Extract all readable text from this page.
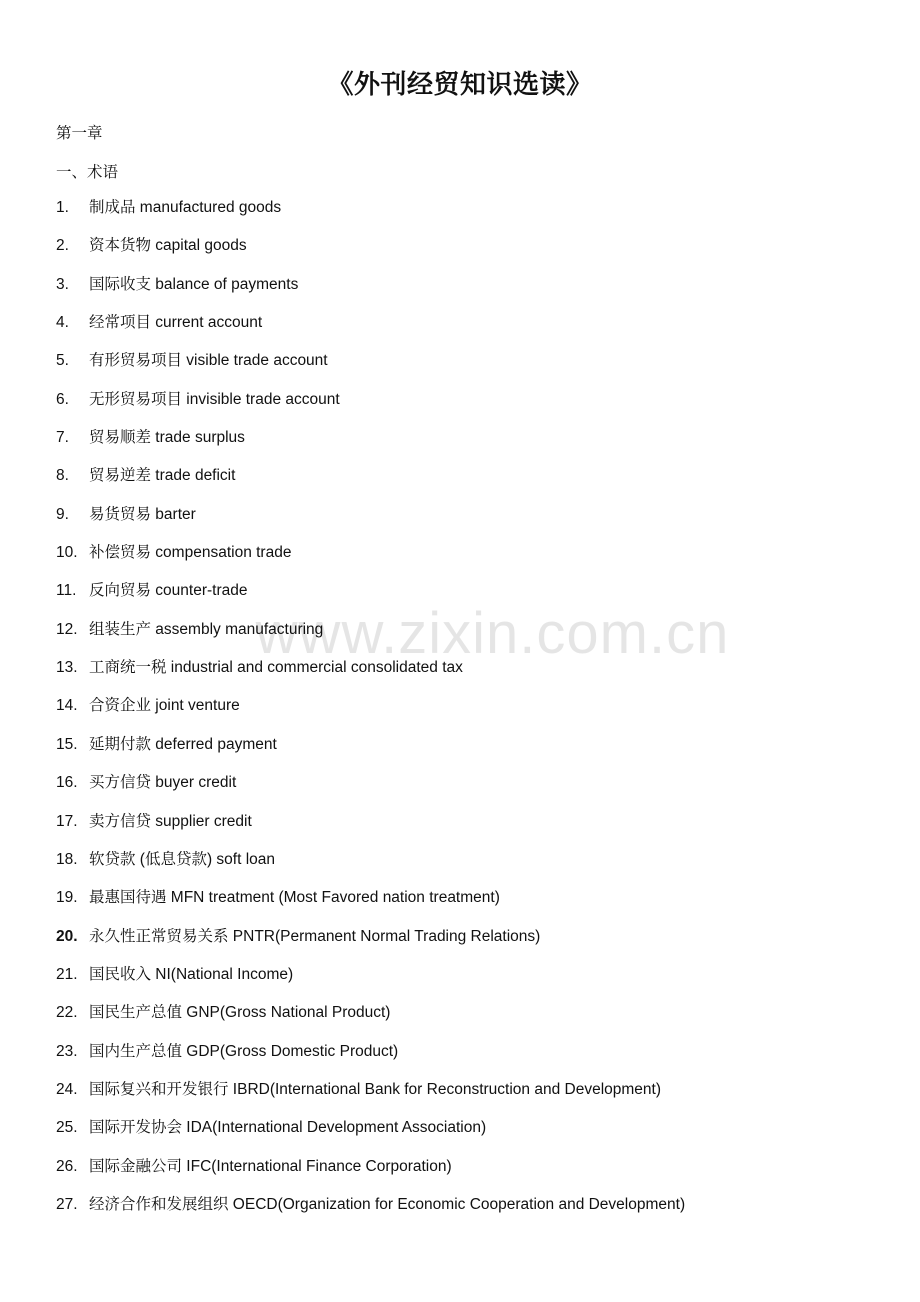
《外刊经贸知识选读》
第一章
一、术语
1.	制成品 manufactured goods
2.	资本货物 capital goods
3.	国际收支 balance of payments
4.	经常项目 current account
5.	有形贸易项目 visible trade account
6.	无形贸易项目 invisible trade account
7.	贸易顺差 trade surplus
8.	贸易逆差 trade deficit
9.	易货贸易 barter
10. 补偿贸易 compensation trade
11. 反向贸易 counter-trade
12. 组装生产 assembly manufacturing
13. 工商统一税 industrial and commercial consolidated tax
14. 合资企业 joint venture
15. 延期付款 deferred payment
16. 买方信贷 buyer credit
17. 卖方信贷 supplier credit
18. 软贷款 (低息贷款) soft loan
19. 最惠国待遇 MFN treatment (Most Favored nation treatment)
20. 永久性正常贸易关系 PNTR(Permanent Normal Trading Relations)
21. 国民收入 NI(National Income)
22. 国民生产总值 GNP(Gross National Product)
23. 国内生产总值 GDP(Gross Domestic Product)
24. 国际复兴和开发银行 IBRD(International Bank for Reconstruction and Development)
25. 国际开发协会 IDA(International Development Association)
26. 国际金融公司 IFC(International Finance Corporation)
27. 经济合作和发展组织 OECD(Organization for Economic Cooperation and Development)
www.zixin.com.cn
